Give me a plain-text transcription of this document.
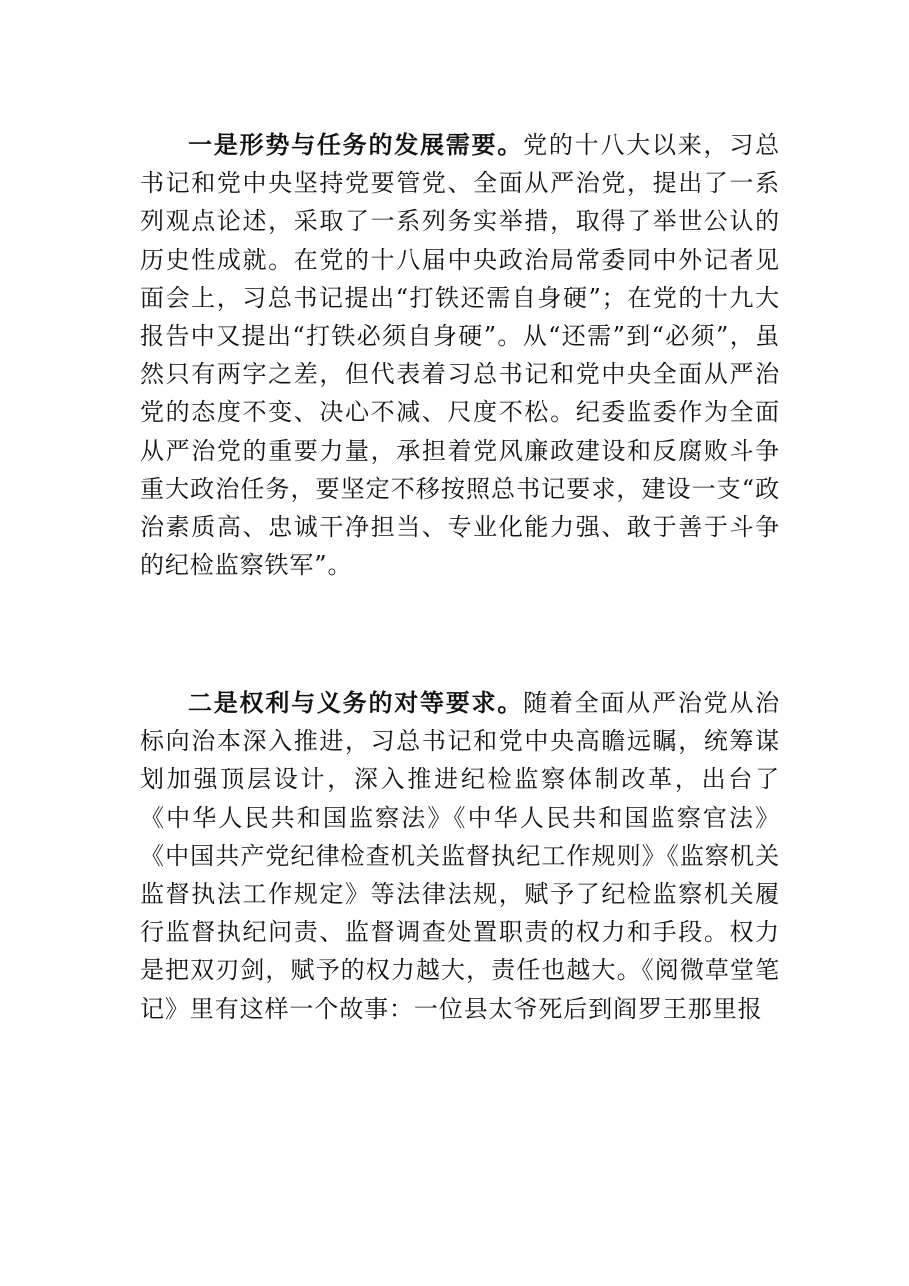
一是形势与任务的发展需要。党的十八大以来，习总书记和党中央坚持党要管党、全面从严治党，提出了一系列观点论述，采取了一系列务实举措，取得了举世公认的历史性成就。在党的十八届中央政治局常委同中外记者见面会上，习总书记提出“打铁还需自身硬”；在党的十九大报告中又提出“打铁必须自身硬”。从“还需”到“必须”，虽然只有两字之差，但代表着习总书记和党中央全面从严治党的态度不变、决心不减、尺度不松。纪委监委作为全面从严治党的重要力量，承担着党风廉政建设和反腐败斗争重大政治任务，要坚定不移按照总书记要求，建设一支“政治素质高、忠诚干净担当、专业化能力强、敢于善于斗争的纪检监察铁军”。

二是权利与义务的对等要求。随着全面从严治党从治标向治本深入推进，习总书记和党中央高瞻远瞩，统筹谋划加强顶层设计，深入推进纪检监察体制改革，出台了《中华人民共和国监察法》《中华人民共和国监察官法》《中国共产党纪律检查机关监督执纪工作规则》《监察机关监督执法工作规定》等法律法规，赋予了纪检监察机关履行监督执纪问责、监督调查处置职责的权力和手段。权力是把双刃剑，赋予的权力越大，责任也越大。《阅微草堂笔记》里有这样一个故事：一位县太爷死后到阎罗王那里报
